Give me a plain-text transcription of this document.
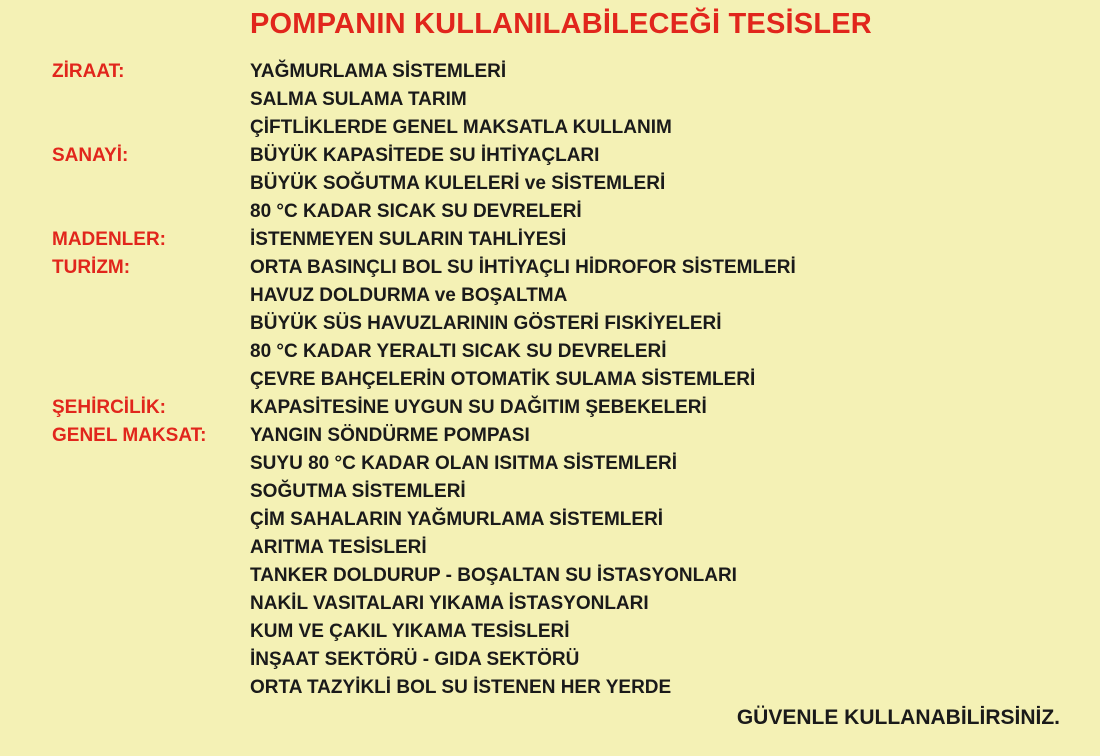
POMPANIN KULLANILABİLECEĞİ TESİSLER
ZİRAAT:	YAĞMURLAMA SİSTEMLERİ
SALMA SULAMA TARIM
ÇİFTLİKLERDE GENEL MAKSATLA KULLANIM
SANAYİ:	BÜYÜK KAPASİTEDE SU İHTİYAÇLARI
BÜYÜK SOĞUTMA KULELERİ ve SİSTEMLERİ
80 °C KADAR SICAK SU DEVRELERİ
MADENLER:	İSTENMEYEN SULARIN TAHLİYESİ
TURİZM:	ORTA BASINÇLI BOL SU İHTİYAÇLI HİDROFOR SİSTEMLERİ
HAVUZ DOLDURMA ve BOŞALTMA
BÜYÜK SÜS HAVUZLARININ GÖSTERİ FISKİYELERİ
80 °C KADAR YERALTI SICAK SU DEVRELERİ
ÇEVRE BAHÇELERİN OTOMATİK SULAMA SİSTEMLERİ
ŞEHİRCİLİK:	KAPASİTESİNE UYGUN SU DAĞITIM ŞEBEKELERİ
GENEL MAKSAT: YANGIN SÖNDÜRME POMPASI
SUYU 80 °C KADAR OLAN ISITMA SİSTEMLERİ
SOĞUTMA SİSTEMLERİ
ÇİM SAHALARIN YAĞMURLAMA SİSTEMLERİ
ARITMA TESİSLERİ
TANKER DOLDURUP - BOŞALTAN SU İSTASYONLARI
NAKİL VASITALARI YIKAMA İSTASYONLARI
KUM VE ÇAKIL YIKAMA TESİSLERİ
İNŞAAT SEKTÖRÜ - GIDA SEKTÖRÜ
ORTA TAZYİKLİ BOL SU İSTENEN HER YERDE
GÜVENLE KULLANABİLİRSİNİZ.
